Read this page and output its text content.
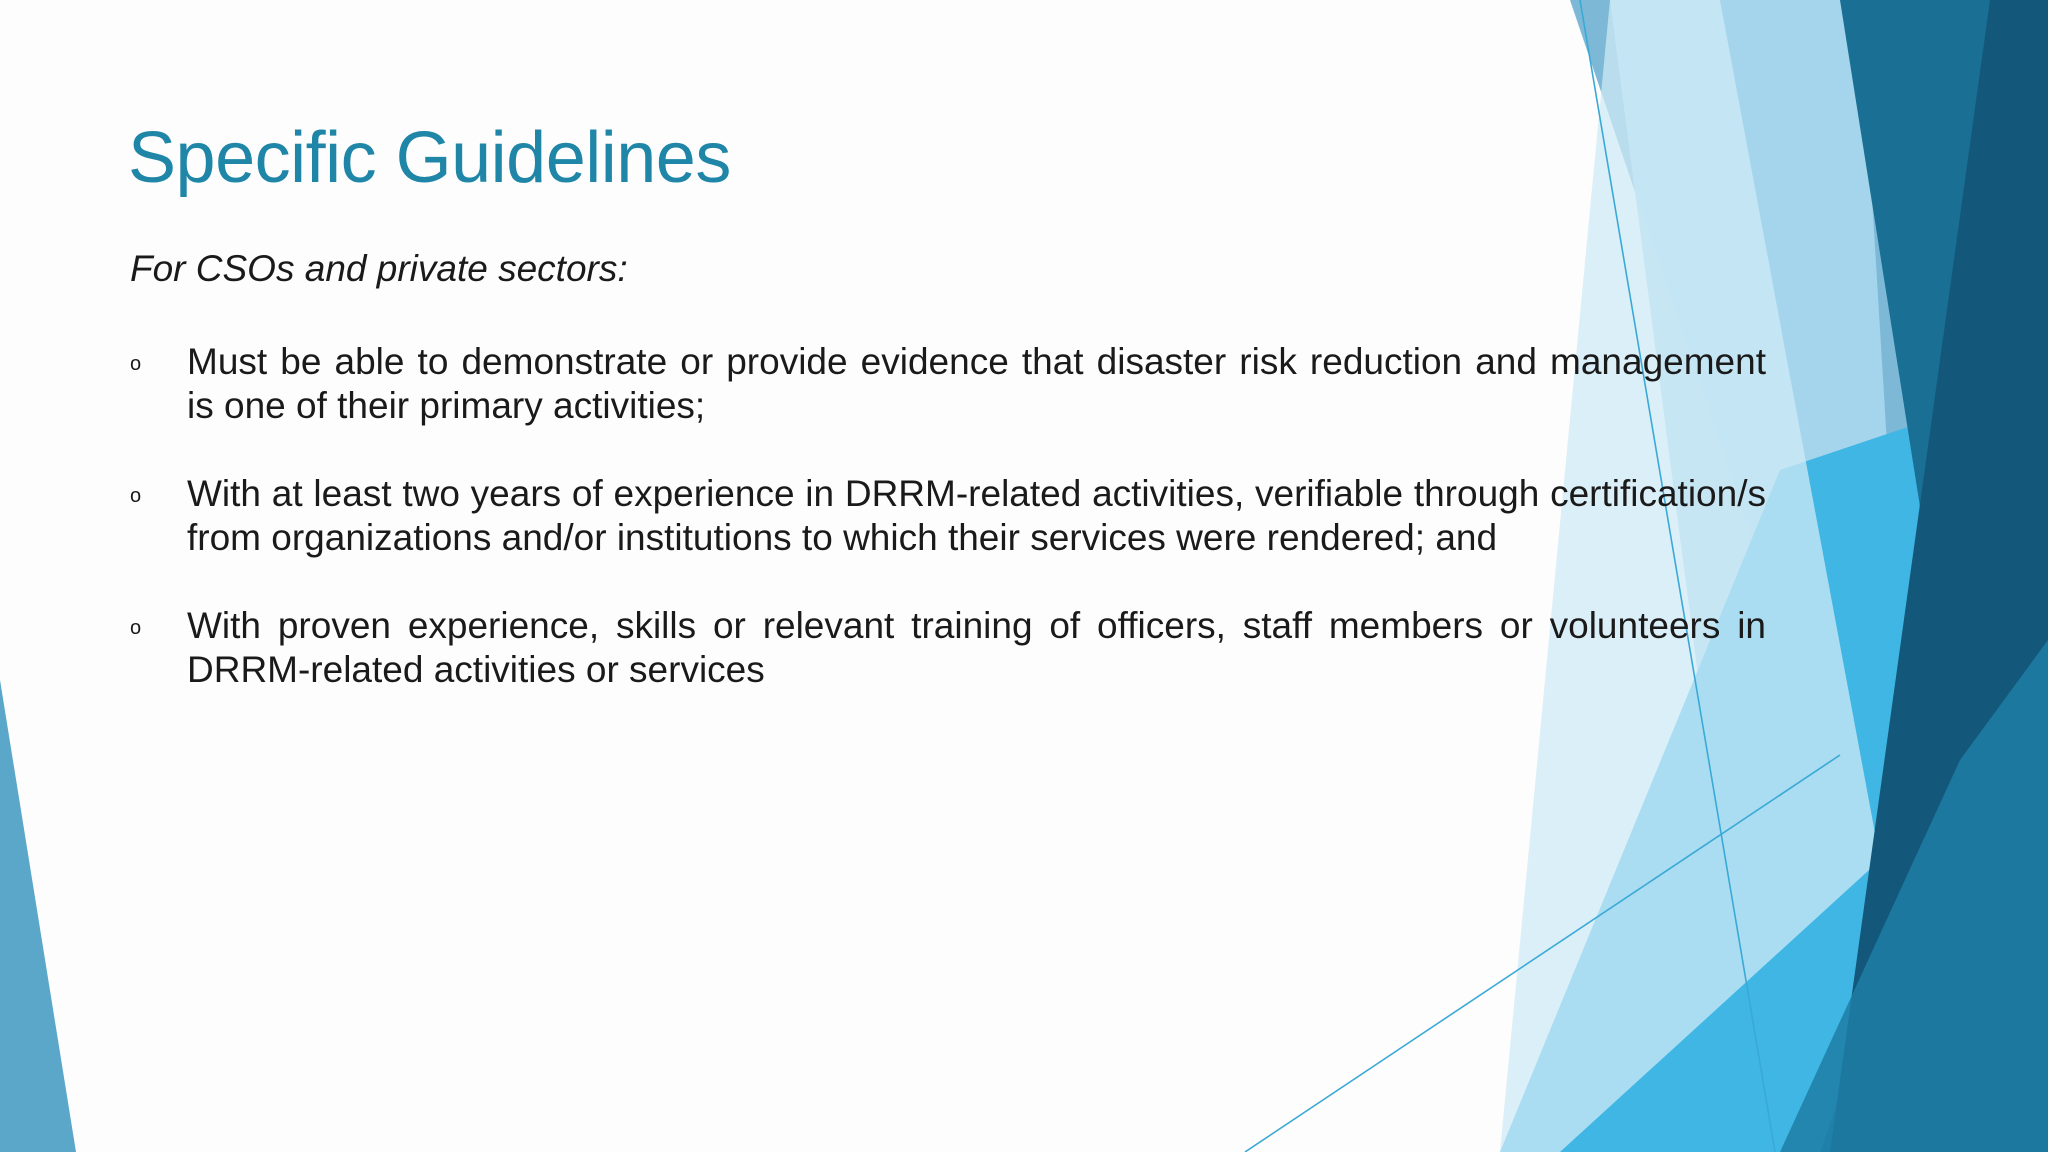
Specific Guidelines

For CSOs and private sectors:

o Must be able to demonstrate or provide evidence that disaster risk reduction and management is one of their primary activities;
o With at least two years of experience in DRRM-related activities, verifiable through certification/s from organizations and/or institutions to which their services were rendered; and
o With proven experience, skills or relevant training of officers, staff members or volunteers in DRRM-related activities or services
